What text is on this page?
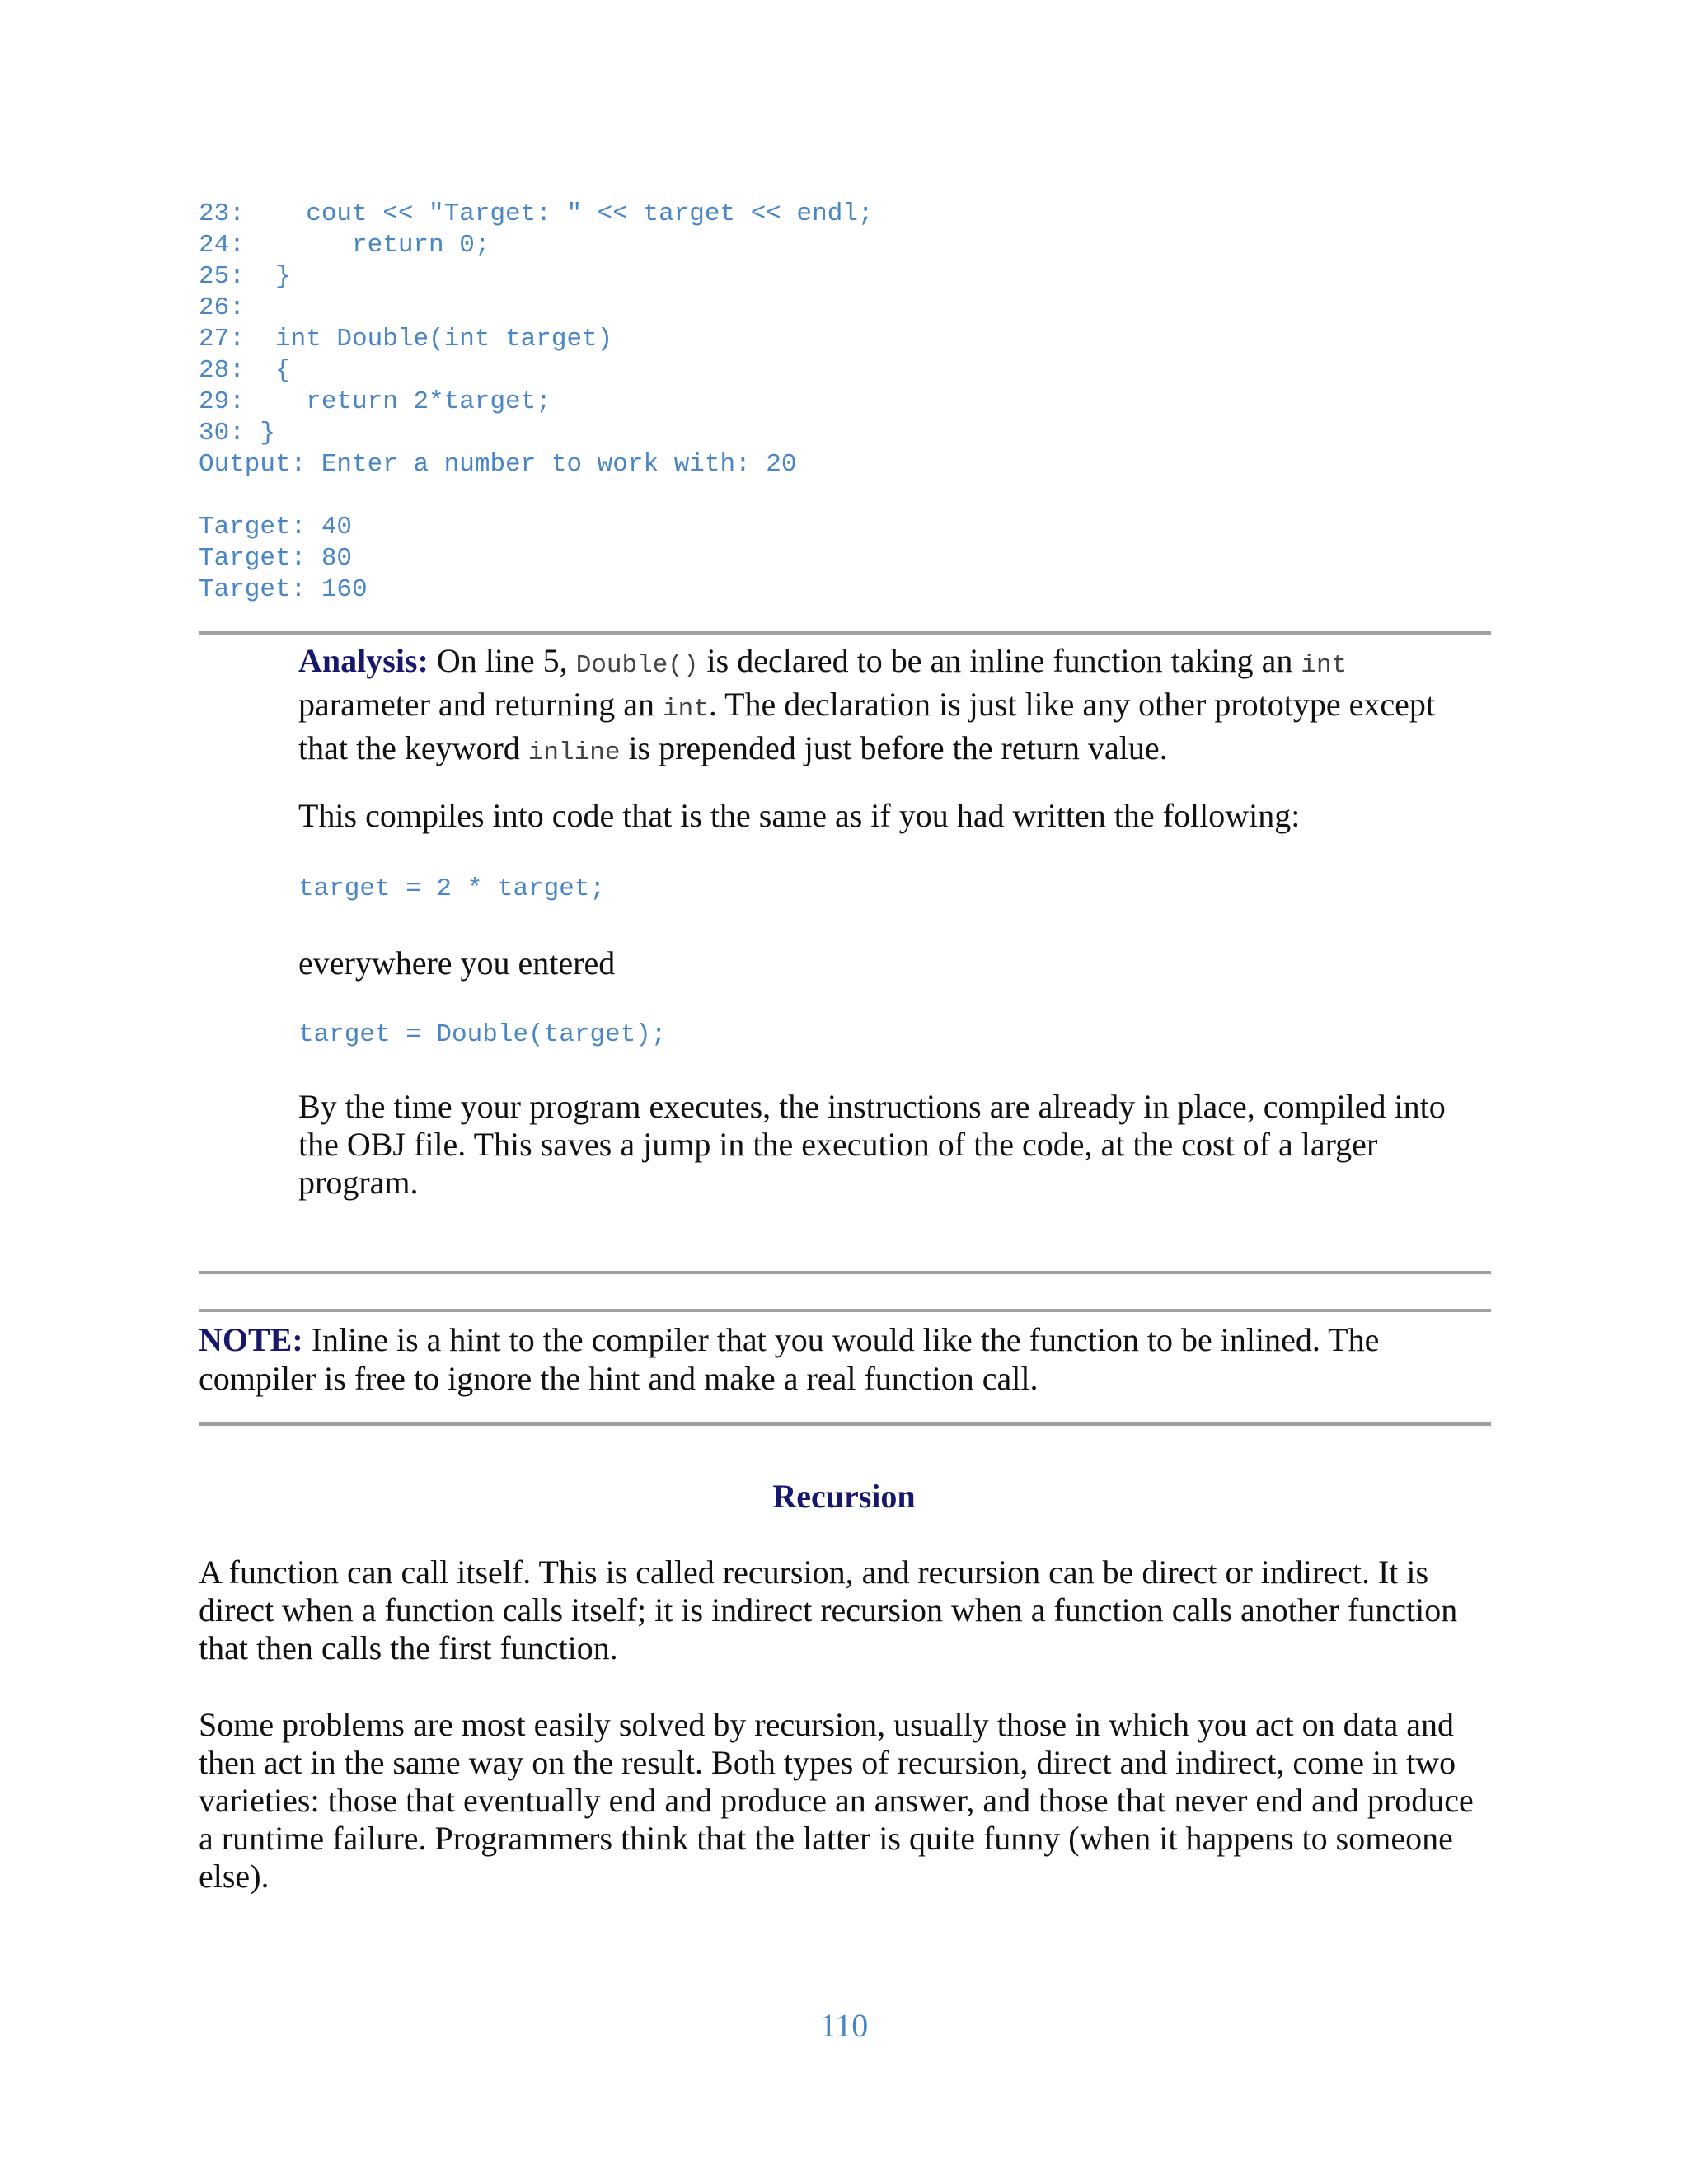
23:    cout << "Target: " << target << endl;
24:       return 0;
25:  }
26:
27:  int Double(int target)
28:  {
29:    return 2*target;
30: }
Output: Enter a number to work with: 20
Target: 40
Target: 80
Target: 160

Analysis: On line 5, Double() is declared to be an inline function taking an int parameter and returning an int. The declaration is just like any other prototype except that the keyword inline is prepended just before the return value.

This compiles into code that is the same as if you had written the following:

target = 2 * target;

everywhere you entered

target = Double(target);

By the time your program executes, the instructions are already in place, compiled into the OBJ file. This saves a jump in the execution of the code, at the cost of a larger program.

NOTE: Inline is a hint to the compiler that you would like the function to be inlined. The compiler is free to ignore the hint and make a real function call.

Recursion

A function can call itself. This is called recursion, and recursion can be direct or indirect. It is direct when a function calls itself; it is indirect recursion when a function calls another function that then calls the first function.

Some problems are most easily solved by recursion, usually those in which you act on data and then act in the same way on the result. Both types of recursion, direct and indirect, come in two varieties: those that eventually end and produce an answer, and those that never end and produce a runtime failure. Programmers think that the latter is quite funny (when it happens to someone else).

110
